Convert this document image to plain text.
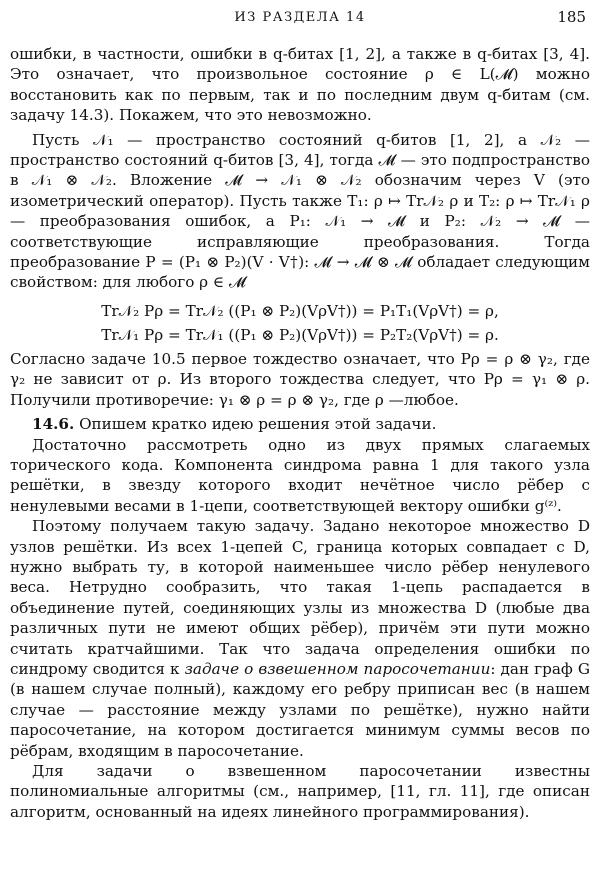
ИЗ РАЗДЕЛА 14	185

ошибки, в частности, ошибки в q-битах [1, 2], а также в q-битах [3, 4]. Это означает, что произвольное состояние ρ ∈ L(𝓜) можно восстановить как по первым, так и по последним двум q-битам (см. задачу 14.3). Покажем, что это невозможно.

Пусть 𝒩₁ — пространство состояний q-битов [1, 2], а 𝒩₂ — пространство состояний q-битов [3, 4], тогда 𝓜 — это подпространство в 𝒩₁ ⊗ 𝒩₂. Вложение 𝓜 → 𝒩₁ ⊗ 𝒩₂ обозначим через V (это изометрический оператор). Пусть также T₁: ρ ↦ Tr𝒩₂ ρ и T₂: ρ ↦ Tr𝒩₁ ρ — преобразования ошибок, а P₁: 𝒩₁ → 𝓜 и P₂: 𝒩₂ → 𝓜 — соответствующие исправляющие преобразования. Тогда преобразование P = (P₁ ⊗ P₂)(V · V†): 𝓜 → 𝓜 ⊗ 𝓜 обладает следующим свойством: для любого ρ ∈ 𝓜

Tr𝒩₂ Pρ = Tr𝒩₂ ((P₁ ⊗ P₂)(VρV†)) = P₁T₁(VρV†) = ρ,
Tr𝒩₁ Pρ = Tr𝒩₁ ((P₁ ⊗ P₂)(VρV†)) = P₂T₂(VρV†) = ρ.

Согласно задаче 10.5 первое тождество означает, что Pρ = ρ ⊗ γ₂, где γ₂ не зависит от ρ. Из второго тождества следует, что Pρ = γ₁ ⊗ ρ. Получили противоречие: γ₁ ⊗ ρ = ρ ⊗ γ₂, где ρ —любое.

14.6. Опишем кратко идею решения этой задачи.

Достаточно рассмотреть одно из двух прямых слагаемых торического кода. Компонента синдрома равна 1 для такого узла решётки, в звезду которого входит нечётное число рёбер с ненулевыми весами в 1-цепи, соответствующей вектору ошибки g⁽ᶻ⁾.

Поэтому получаем такую задачу. Задано некоторое множество D узлов решётки. Из всех 1-цепей C, граница которых совпадает с D, нужно выбрать ту, в которой наименьшее число рёбер ненулевого веса. Нетрудно сообразить, что такая 1-цепь распадается в объединение путей, соединяющих узлы из множества D (любые два различных пути не имеют общих рёбер), причём эти пути можно считать кратчайшими. Так что задача определения ошибки по синдрому сводится к задаче о взвешенном паросочетании: дан граф G (в нашем случае полный), каждому его ребру приписан вес (в нашем случае — расстояние между узлами по решётке), нужно найти паросочетание, на котором достигается минимум суммы весов по рёбрам, входящим в паросочетание.

Для задачи о взвешенном паросочетании известны полиномиальные алгоритмы (см., например, [11, гл. 11], где описан алгоритм, основанный на идеях линейного программирования).
